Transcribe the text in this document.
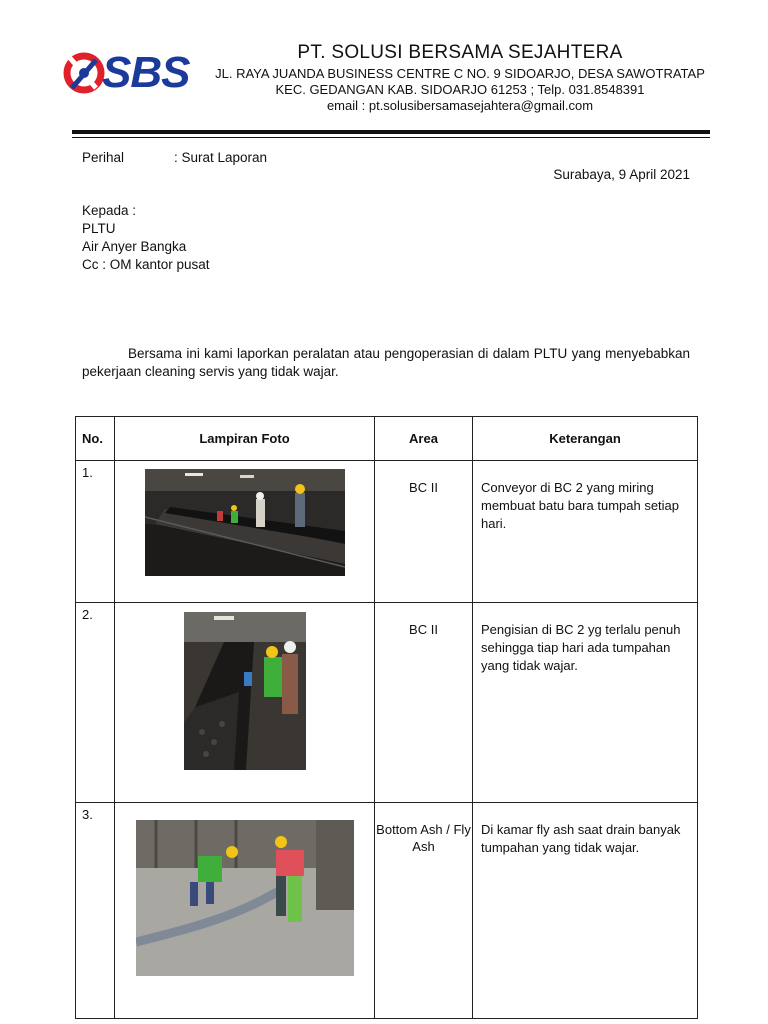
SBS	PT. SOLUSI BERSAMA SEJAHTERA
JL. RAYA JUANDA BUSINESS CENTRE C NO. 9 SIDOARJO, DESA SAWOTRATAP
KEC. GEDANGAN KAB. SIDOARJO 61253 ; Telp. 031.8548391
email : pt.solusibersamasejahtera@gmail.com
Perihal	: Surat Laporan
Surabaya, 9 April 2021
Kepada :
PLTU
Air Anyer Bangka
Cc : OM kantor pusat
Bersama ini kami laporkan peralatan atau pengoperasian di dalam PLTU yang menyebabkan pekerjaan cleaning servis yang tidak wajar.
No.	Lampiran Foto	Area	Keterangan
1.		BC II	Conveyor di BC 2 yang miring membuat batu bara tumpah setiap hari.
2.		BC II	Pengisian di BC 2 yg terlalu penuh sehingga tiap hari ada tumpahan yang tidak wajar.
3.		Bottom Ash / Fly Ash	Di kamar fly ash saat drain banyak tumpahan yang tidak wajar.
